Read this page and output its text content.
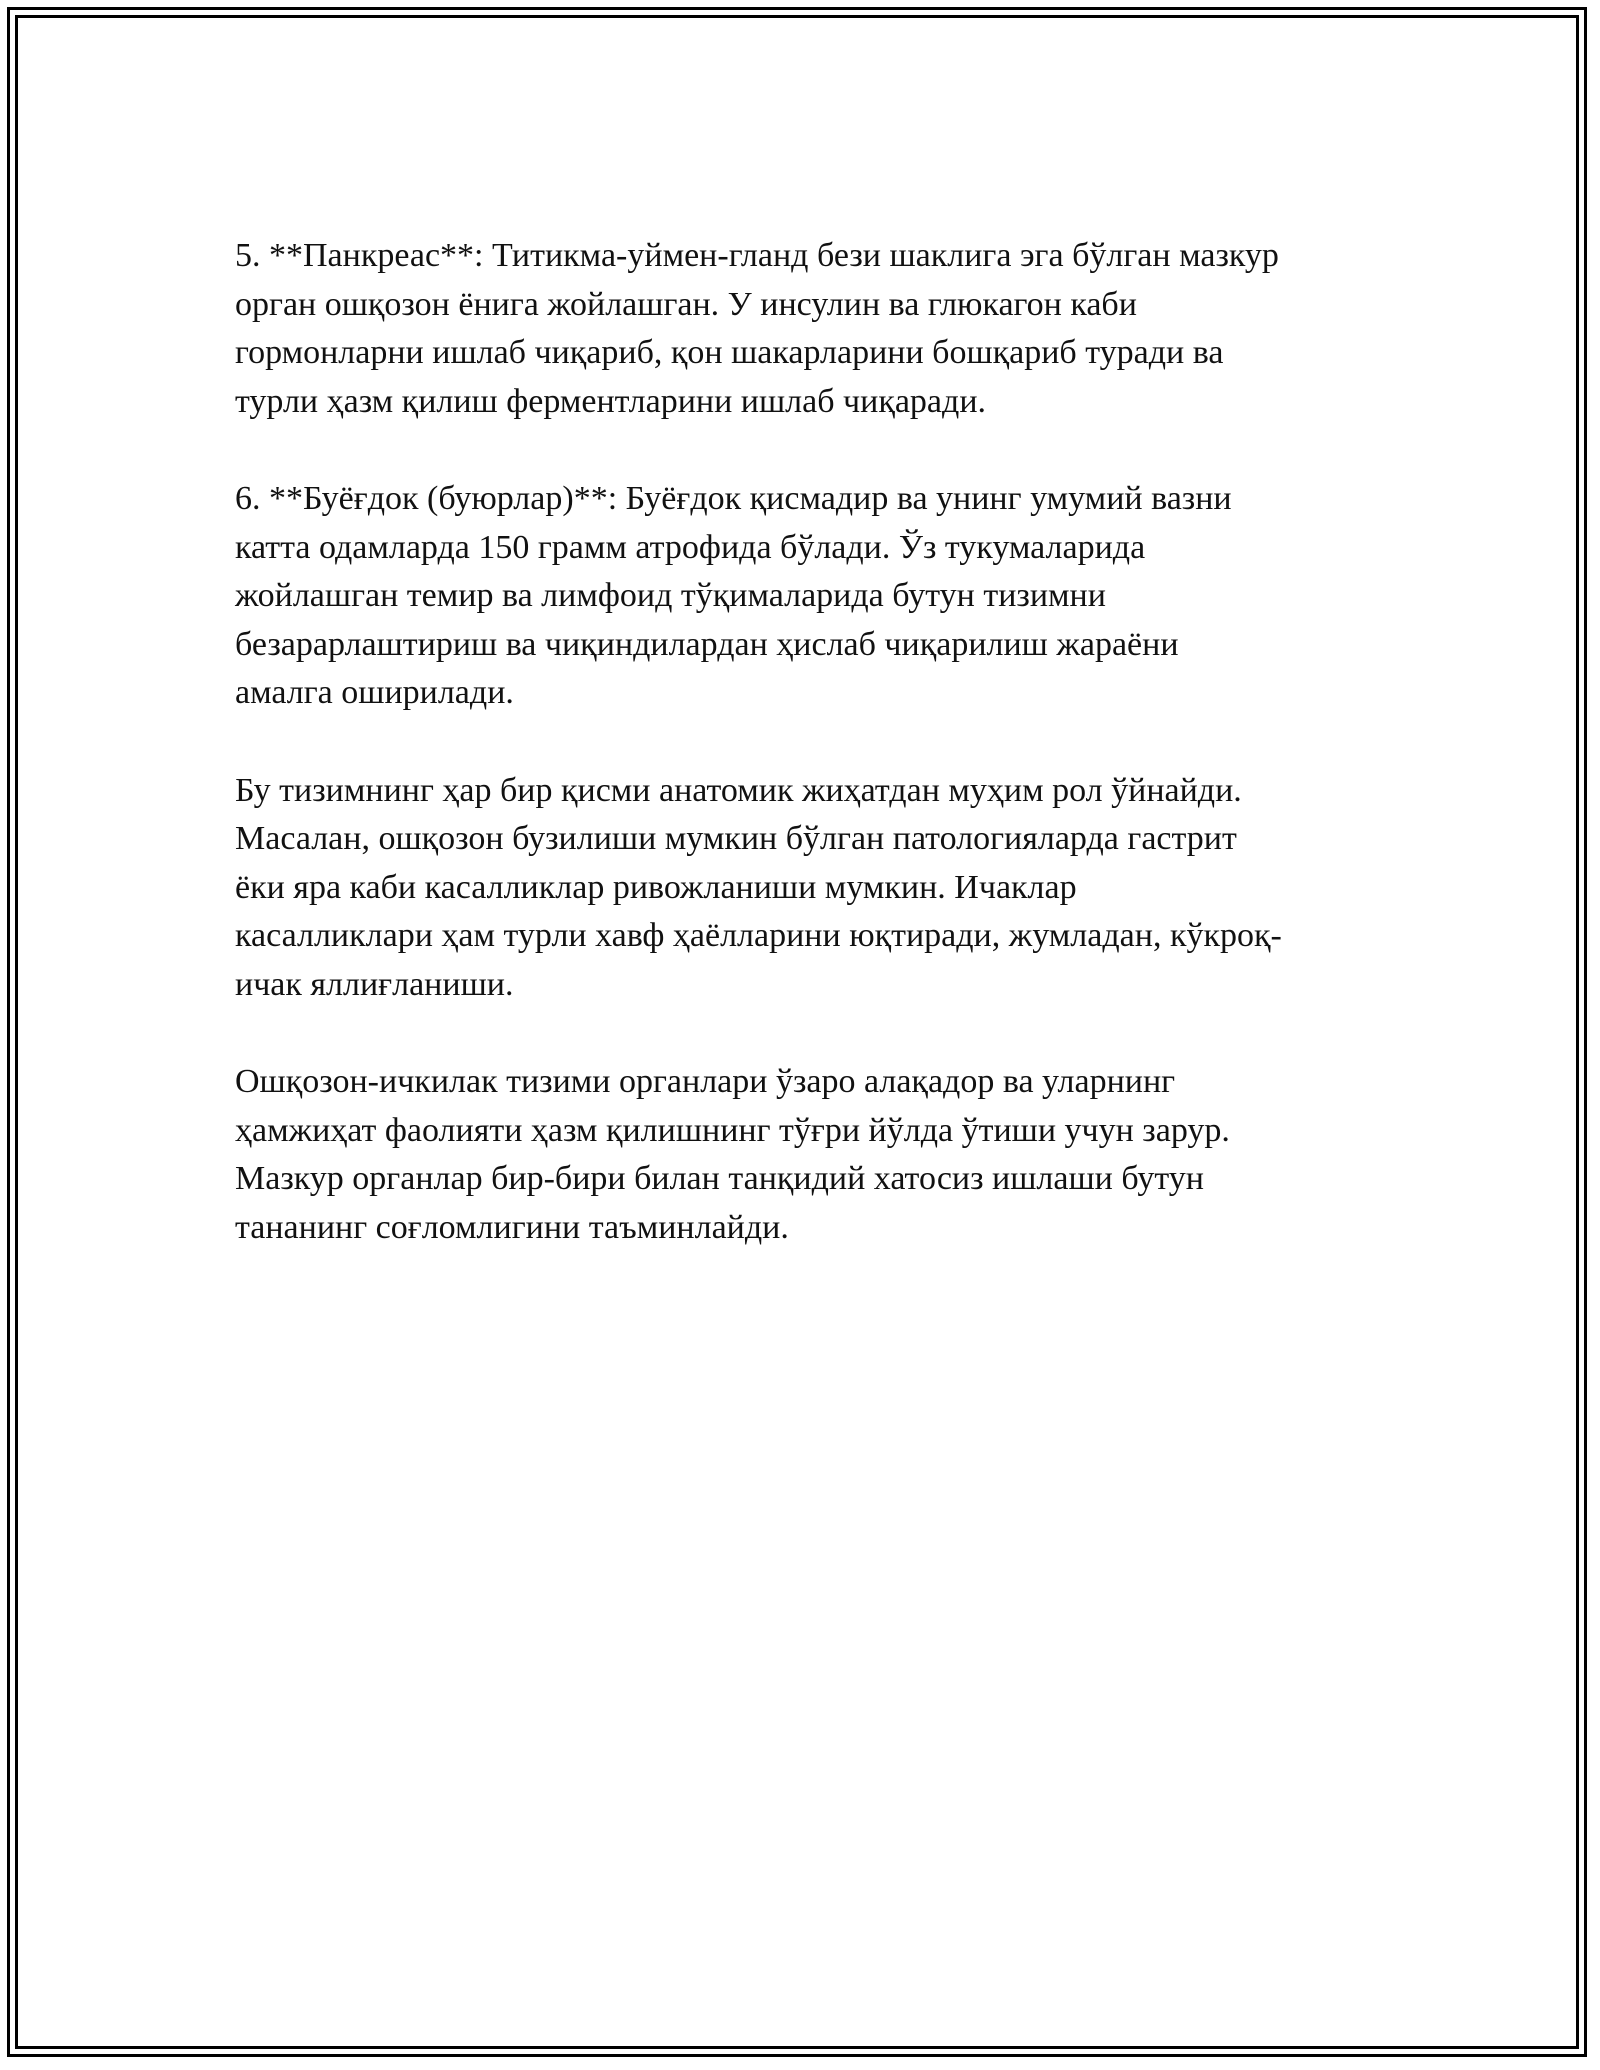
5. **Панкреас**: Титикма-уймен-гланд бези шаклига эга бўлган мазкур
орган ошқозон ёнига жойлашган. У инсулин ва глюкагон каби
гормонларни ишлаб чиқариб, қон шакарларини бошқариб туради ва
турли ҳазм қилиш ферментларини ишлаб чиқаради.

6. **Буёғдок (буюрлар)**: Буёғдок қисмадир ва унинг умумий вазни
катта одамларда 150 грамм атрофида бўлади. Ўз тукумаларида
жойлашган темир ва лимфоид тўқималарида бутун тизимни
безарарлаштириш ва чиқиндилардан ҳислаб чиқарилиш жараёни
амалга оширилади.

Бу тизимнинг ҳар бир қисми анатомик жиҳатдан муҳим рол ўйнайди.
Масалан, ошқозон бузилиши мумкин бўлган патологияларда гастрит
ёки яра каби касалликлар ривожланиши мумкин. Ичаклар
касалликлари ҳам турли хавф ҳаёлларини юқтиради, жумладан, кўкроқ-
ичак яллиғланиши.

Ошқозон-ичкилак тизими органлари ўзаро алақадор ва уларнинг
ҳамжиҳат фаолияти ҳазм қилишнинг тўғри йўлда ўтиши учун зарур.
Мазкур органлар бир-бири билан танқидий хатосиз ишлаши бутун
тананинг соғломлигини таъминлайди.
